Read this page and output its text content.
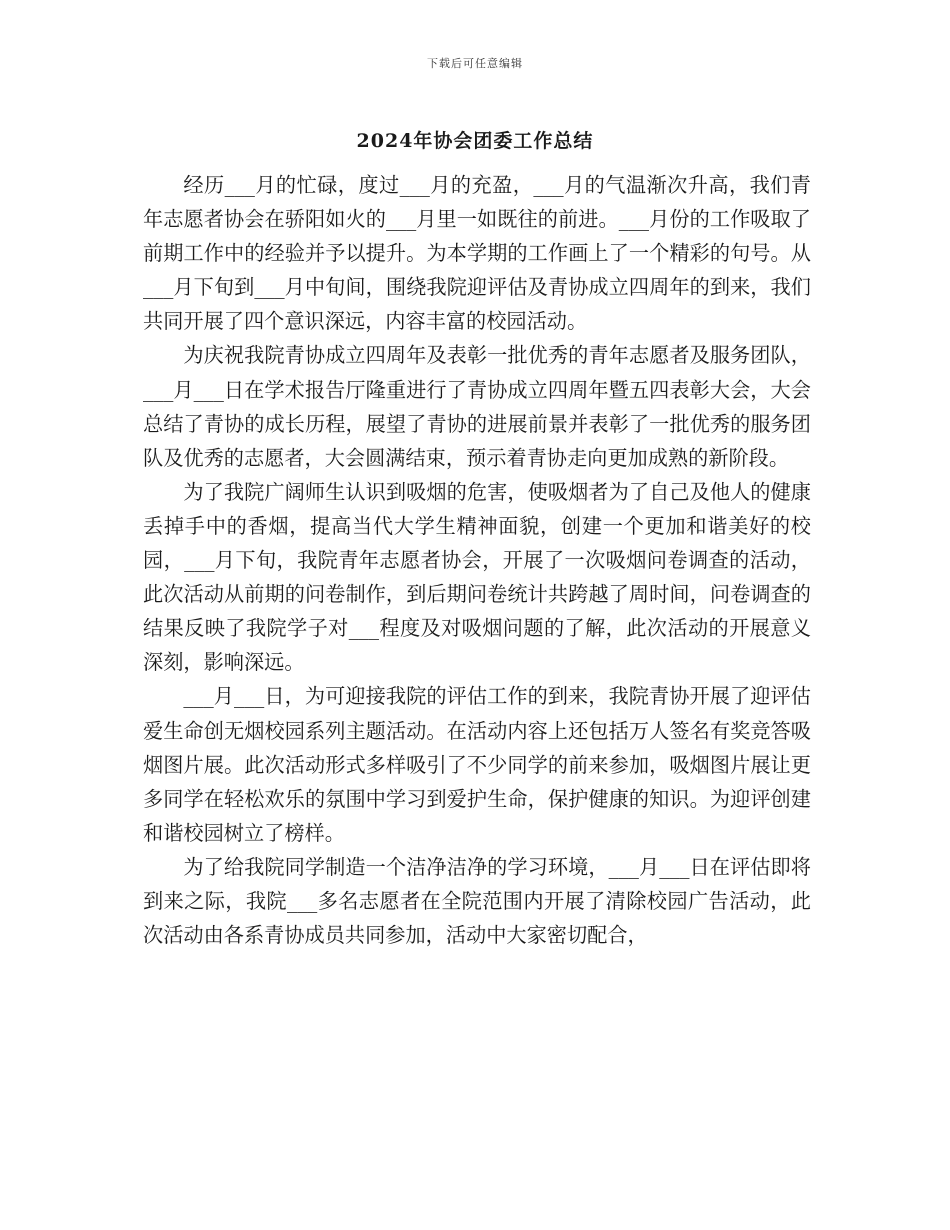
下载后可任意编辑
2024年协会团委工作总结

经历___月的忙碌，度过___月的充盈，___月的气温渐次升高，我们青年志愿者协会在骄阳如火的___月里一如既往的前进。___月份的工作吸取了前期工作中的经验并予以提升。为本学期的工作画上了一个精彩的句号。从___月下旬到___月中旬间，围绕我院迎评估及青协成立四周年的到来，我们共同开展了四个意识深远，内容丰富的校园活动。

为庆祝我院青协成立四周年及表彰一批优秀的青年志愿者及服务团队，___月___日在学术报告厅隆重进行了青协成立四周年暨五四表彰大会，大会总结了青协的成长历程，展望了青协的进展前景并表彰了一批优秀的服务团队及优秀的志愿者，大会圆满结束，预示着青协走向更加成熟的新阶段。

为了我院广阔师生认识到吸烟的危害，使吸烟者为了自己及他人的健康丢掉手中的香烟，提高当代大学生精神面貌，创建一个更加和谐美好的校园，___月下旬，我院青年志愿者协会，开展了一次吸烟问卷调查的活动，此次活动从前期的问卷制作，到后期问卷统计共跨越了周时间，问卷调查的结果反映了我院学子对___程度及对吸烟问题的了解，此次活动的开展意义深刻，影响深远。

___月___日，为可迎接我院的评估工作的到来，我院青协开展了迎评估爱生命创无烟校园系列主题活动。在活动内容上还包括万人签名有奖竞答吸烟图片展。此次活动形式多样吸引了不少同学的前来参加，吸烟图片展让更多同学在轻松欢乐的氛围中学习到爱护生命，保护健康的知识。为迎评创建和谐校园树立了榜样。

为了给我院同学制造一个洁净洁净的学习环境，___月___日在评估即将到来之际，我院___多名志愿者在全院范围内开展了清除校园广告活动，此次活动由各系青协成员共同参加，活动中大家密切配合，
